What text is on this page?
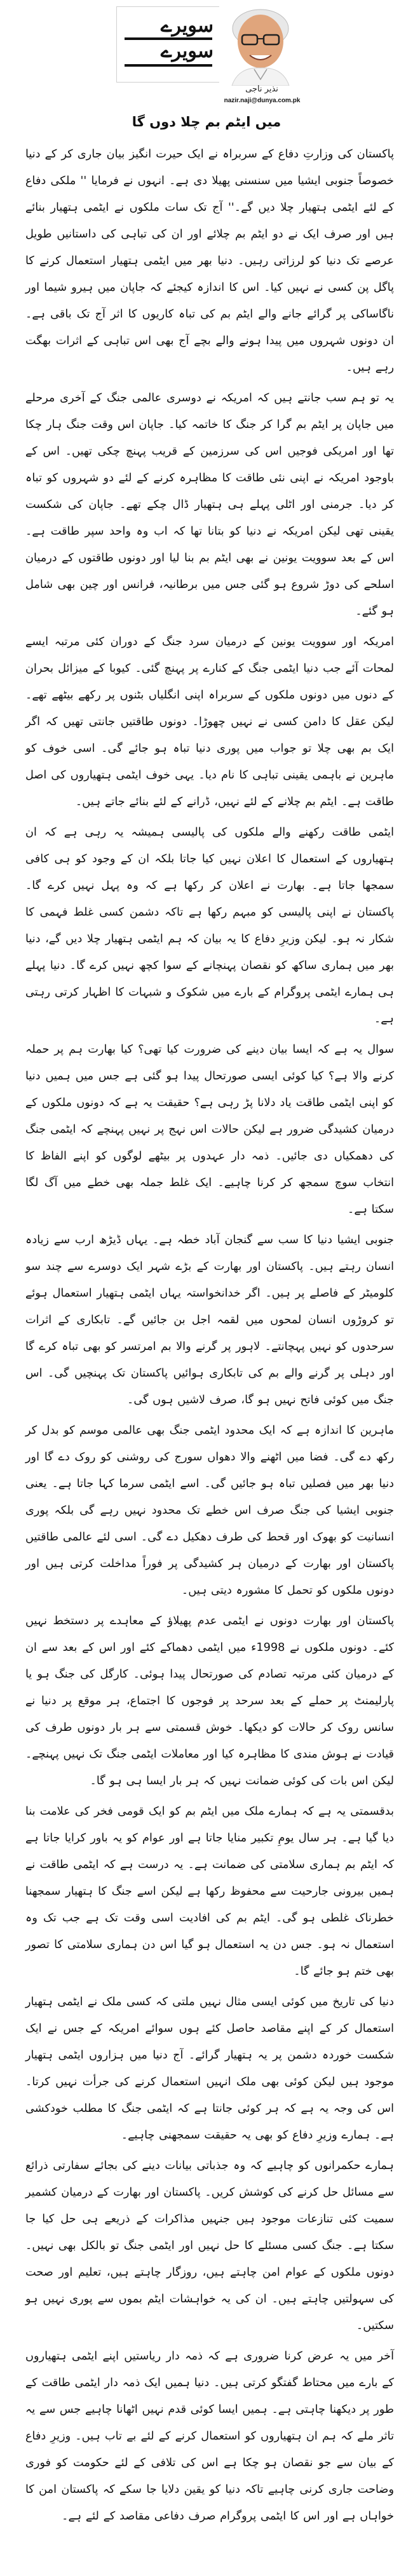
سویرے
سویرے
نذیر ناجی
nazir.naji@dunya.com.pk
میں ایٹم بم چلا دوں گا

پاکستان کی وزارتِ دفاع کے سربراہ نے ایک حیرت انگیز بیان جاری کر کے دنیا خصوصاً جنوبی ایشیا میں سنسنی پھیلا دی ہے۔ انہوں نے فرمایا '' ملکی دفاع کے لئے ایٹمی ہتھیار چلا دیں گے۔'' آج تک سات ملکوں نے ایٹمی ہتھیار بنائے ہیں اور صرف ایک نے دو ایٹم بم چلائے اور ان کی تباہی کی داستانیں طویل عرصے تک دنیا کو لرزاتی رہیں۔ دنیا بھر میں ایٹمی ہتھیار استعمال کرنے کا پاگل پن کسی نے نہیں کیا۔ اس کا اندازہ کیجئے کہ جاپان میں ہیرو شیما اور ناگاساکی پر گرائے جانے والے ایٹم بم کی تباہ کاریوں کا اثر آج تک باقی ہے۔ ان دونوں شہروں میں پیدا ہونے والے بچے آج بھی اس تباہی کے اثرات بھگت رہے ہیں۔

یہ تو ہم سب جانتے ہیں کہ امریکہ نے دوسری عالمی جنگ کے آخری مرحلے میں جاپان پر ایٹم بم گرا کر جنگ کا خاتمہ کیا۔ جاپان اس وقت جنگ ہار چکا تھا اور امریکی فوجیں اس کی سرزمین کے قریب پہنچ چکی تھیں۔ اس کے باوجود امریکہ نے اپنی نئی طاقت کا مظاہرہ کرنے کے لئے دو شہروں کو تباہ کر دیا۔ جرمنی اور اٹلی پہلے ہی ہتھیار ڈال چکے تھے۔ جاپان کی شکست یقینی تھی لیکن امریکہ نے دنیا کو بتانا تھا کہ اب وہ واحد سپر طاقت ہے۔ اس کے بعد سوویت یونین نے بھی ایٹم بم بنا لیا اور دونوں طاقتوں کے درمیان اسلحے کی دوڑ شروع ہو گئی جس میں برطانیہ، فرانس اور چین بھی شامل ہو گئے۔

امریکہ اور سوویت یونین کے درمیان سرد جنگ کے دوران کئی مرتبہ ایسے لمحات آئے جب دنیا ایٹمی جنگ کے کنارے پر پہنچ گئی۔ کیوبا کے میزائل بحران کے دنوں میں دونوں ملکوں کے سربراہ اپنی انگلیاں بٹنوں پر رکھے بیٹھے تھے۔ لیکن عقل کا دامن کسی نے نہیں چھوڑا۔ دونوں طاقتیں جانتی تھیں کہ اگر ایک بم بھی چلا تو جواب میں پوری دنیا تباہ ہو جائے گی۔ اسی خوف کو ماہرین نے باہمی یقینی تباہی کا نام دیا۔ یہی خوف ایٹمی ہتھیاروں کی اصل طاقت ہے۔ ایٹم بم چلانے کے لئے نہیں، ڈرانے کے لئے بنائے جاتے ہیں۔

ایٹمی طاقت رکھنے والے ملکوں کی پالیسی ہمیشہ یہ رہی ہے کہ ان ہتھیاروں کے استعمال کا اعلان نہیں کیا جاتا بلکہ ان کے وجود کو ہی کافی سمجھا جاتا ہے۔ بھارت نے اعلان کر رکھا ہے کہ وہ پہل نہیں کرے گا۔ پاکستان نے اپنی پالیسی کو مبہم رکھا ہے تاکہ دشمن کسی غلط فہمی کا شکار نہ ہو۔ لیکن وزیرِ دفاع کا یہ بیان کہ ہم ایٹمی ہتھیار چلا دیں گے، دنیا بھر میں ہماری ساکھ کو نقصان پہنچانے کے سوا کچھ نہیں کرے گا۔ دنیا پہلے ہی ہمارے ایٹمی پروگرام کے بارے میں شکوک و شبہات کا اظہار کرتی رہتی ہے۔

سوال یہ ہے کہ ایسا بیان دینے کی ضرورت کیا تھی؟ کیا بھارت ہم پر حملہ کرنے والا ہے؟ کیا کوئی ایسی صورتحال پیدا ہو گئی ہے جس میں ہمیں دنیا کو اپنی ایٹمی طاقت یاد دلانا پڑ رہی ہے؟ حقیقت یہ ہے کہ دونوں ملکوں کے درمیان کشیدگی ضرور ہے لیکن حالات اس نہج پر نہیں پہنچے کہ ایٹمی جنگ کی دھمکیاں دی جائیں۔ ذمہ دار عہدوں پر بیٹھے لوگوں کو اپنے الفاظ کا انتخاب سوچ سمجھ کر کرنا چاہیے۔ ایک غلط جملہ بھی خطے میں آگ لگا سکتا ہے۔

جنوبی ایشیا دنیا کا سب سے گنجان آباد خطہ ہے۔ یہاں ڈیڑھ ارب سے زیادہ انسان رہتے ہیں۔ پاکستان اور بھارت کے بڑے شہر ایک دوسرے سے چند سو کلومیٹر کے فاصلے پر ہیں۔ اگر خدانخواستہ یہاں ایٹمی ہتھیار استعمال ہوئے تو کروڑوں انسان لمحوں میں لقمہ اجل بن جائیں گے۔ تابکاری کے اثرات سرحدوں کو نہیں پہچانتے۔ لاہور پر گرنے والا بم امرتسر کو بھی تباہ کرے گا اور دہلی پر گرنے والے بم کی تابکاری ہوائیں پاکستان تک پہنچیں گی۔ اس جنگ میں کوئی فاتح نہیں ہو گا، صرف لاشیں ہوں گی۔

ماہرین کا اندازہ ہے کہ ایک محدود ایٹمی جنگ بھی عالمی موسم کو بدل کر رکھ دے گی۔ فضا میں اٹھنے والا دھواں سورج کی روشنی کو روک دے گا اور دنیا بھر میں فصلیں تباہ ہو جائیں گی۔ اسے ایٹمی سرما کہا جاتا ہے۔ یعنی جنوبی ایشیا کی جنگ صرف اس خطے تک محدود نہیں رہے گی بلکہ پوری انسانیت کو بھوک اور قحط کی طرف دھکیل دے گی۔ اسی لئے عالمی طاقتیں پاکستان اور بھارت کے درمیان ہر کشیدگی پر فوراً مداخلت کرتی ہیں اور دونوں ملکوں کو تحمل کا مشورہ دیتی ہیں۔

پاکستان اور بھارت دونوں نے ایٹمی عدم پھیلاؤ کے معاہدے پر دستخط نہیں کئے۔ دونوں ملکوں نے 1998ء میں ایٹمی دھماکے کئے اور اس کے بعد سے ان کے درمیان کئی مرتبہ تصادم کی صورتحال پیدا ہوئی۔ کارگل کی جنگ ہو یا پارلیمنٹ پر حملے کے بعد سرحد پر فوجوں کا اجتماع، ہر موقع پر دنیا نے سانس روک کر حالات کو دیکھا۔ خوش قسمتی سے ہر بار دونوں طرف کی قیادت نے ہوش مندی کا مظاہرہ کیا اور معاملات ایٹمی جنگ تک نہیں پہنچے۔ لیکن اس بات کی کوئی ضمانت نہیں کہ ہر بار ایسا ہی ہو گا۔

بدقسمتی یہ ہے کہ ہمارے ملک میں ایٹم بم کو ایک قومی فخر کی علامت بنا دیا گیا ہے۔ ہر سال یومِ تکبیر منایا جاتا ہے اور عوام کو یہ باور کرایا جاتا ہے کہ ایٹم بم ہماری سلامتی کی ضمانت ہے۔ یہ درست ہے کہ ایٹمی طاقت نے ہمیں بیرونی جارحیت سے محفوظ رکھا ہے لیکن اسے جنگ کا ہتھیار سمجھنا خطرناک غلطی ہو گی۔ ایٹم بم کی افادیت اسی وقت تک ہے جب تک وہ استعمال نہ ہو۔ جس دن یہ استعمال ہو گیا اس دن ہماری سلامتی کا تصور بھی ختم ہو جائے گا۔

دنیا کی تاریخ میں کوئی ایسی مثال نہیں ملتی کہ کسی ملک نے ایٹمی ہتھیار استعمال کر کے اپنے مقاصد حاصل کئے ہوں سوائے امریکہ کے جس نے ایک شکست خوردہ دشمن پر یہ ہتھیار گرائے۔ آج دنیا میں ہزاروں ایٹمی ہتھیار موجود ہیں لیکن کوئی بھی ملک انہیں استعمال کرنے کی جرأت نہیں کرتا۔ اس کی وجہ یہ ہے کہ ہر کوئی جانتا ہے کہ ایٹمی جنگ کا مطلب خودکشی ہے۔ ہمارے وزیرِ دفاع کو بھی یہ حقیقت سمجھنی چاہیے۔

ہمارے حکمرانوں کو چاہیے کہ وہ جذباتی بیانات دینے کی بجائے سفارتی ذرائع سے مسائل حل کرنے کی کوشش کریں۔ پاکستان اور بھارت کے درمیان کشمیر سمیت کئی تنازعات موجود ہیں جنہیں مذاکرات کے ذریعے ہی حل کیا جا سکتا ہے۔ جنگ کسی مسئلے کا حل نہیں اور ایٹمی جنگ تو بالکل بھی نہیں۔ دونوں ملکوں کے عوام امن چاہتے ہیں، روزگار چاہتے ہیں، تعلیم اور صحت کی سہولتیں چاہتے ہیں۔ ان کی یہ خواہشات ایٹم بموں سے پوری نہیں ہو سکتیں۔

آخر میں یہ عرض کرنا ضروری ہے کہ ذمہ دار ریاستیں اپنے ایٹمی ہتھیاروں کے بارے میں محتاط گفتگو کرتی ہیں۔ دنیا ہمیں ایک ذمہ دار ایٹمی طاقت کے طور پر دیکھنا چاہتی ہے۔ ہمیں ایسا کوئی قدم نہیں اٹھانا چاہیے جس سے یہ تاثر ملے کہ ہم ان ہتھیاروں کو استعمال کرنے کے لئے بے تاب ہیں۔ وزیرِ دفاع کے بیان سے جو نقصان ہو چکا ہے اس کی تلافی کے لئے حکومت کو فوری وضاحت جاری کرنی چاہیے تاکہ دنیا کو یقین دلایا جا سکے کہ پاکستان امن کا خواہاں ہے اور اس کا ایٹمی پروگرام صرف دفاعی مقاصد کے لئے ہے۔
